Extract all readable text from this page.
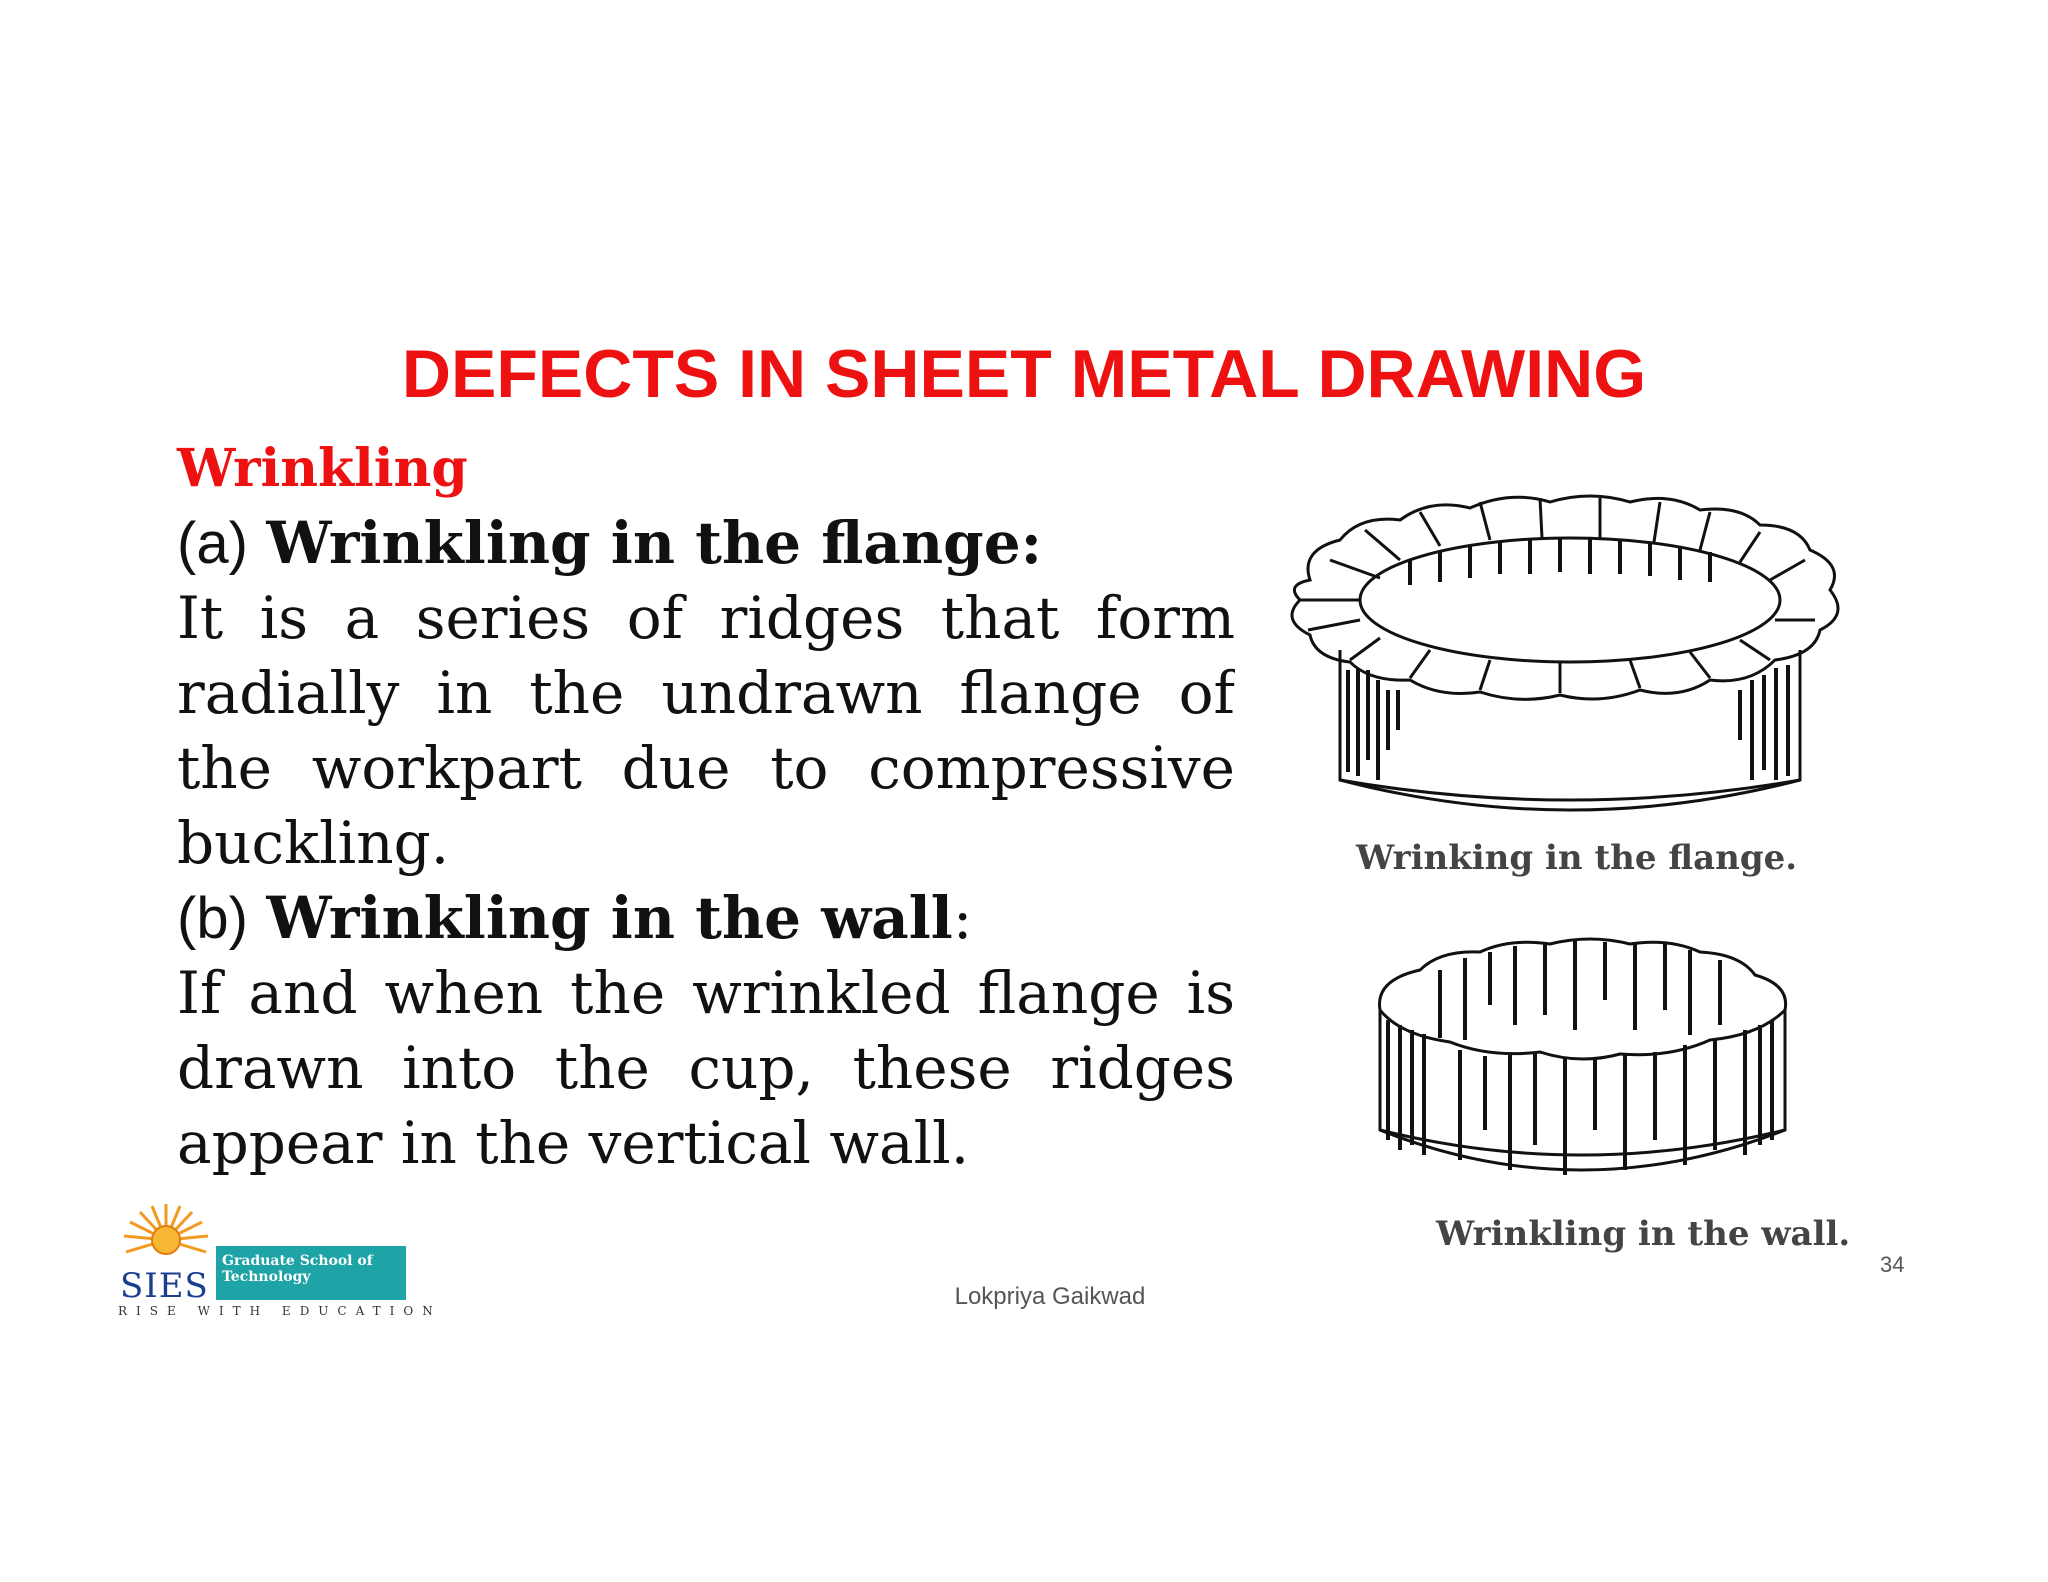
DEFECTS IN SHEET METAL DRAWING
Wrinkling
(a) Wrinkling in the flange:
It is a series of ridges that form
radially in the undrawn flange of
the workpart due to compressive
buckling.
(b) Wrinkling in the wall:
If and when the wrinkled flange is
drawn into the cup, these ridges
appear in the vertical wall.
Wrinking in the flange.
Wrinkling in the wall.
SIES
Graduate School of
Technology
RISE WITH EDUCATION
Lokpriya Gaikwad
34
